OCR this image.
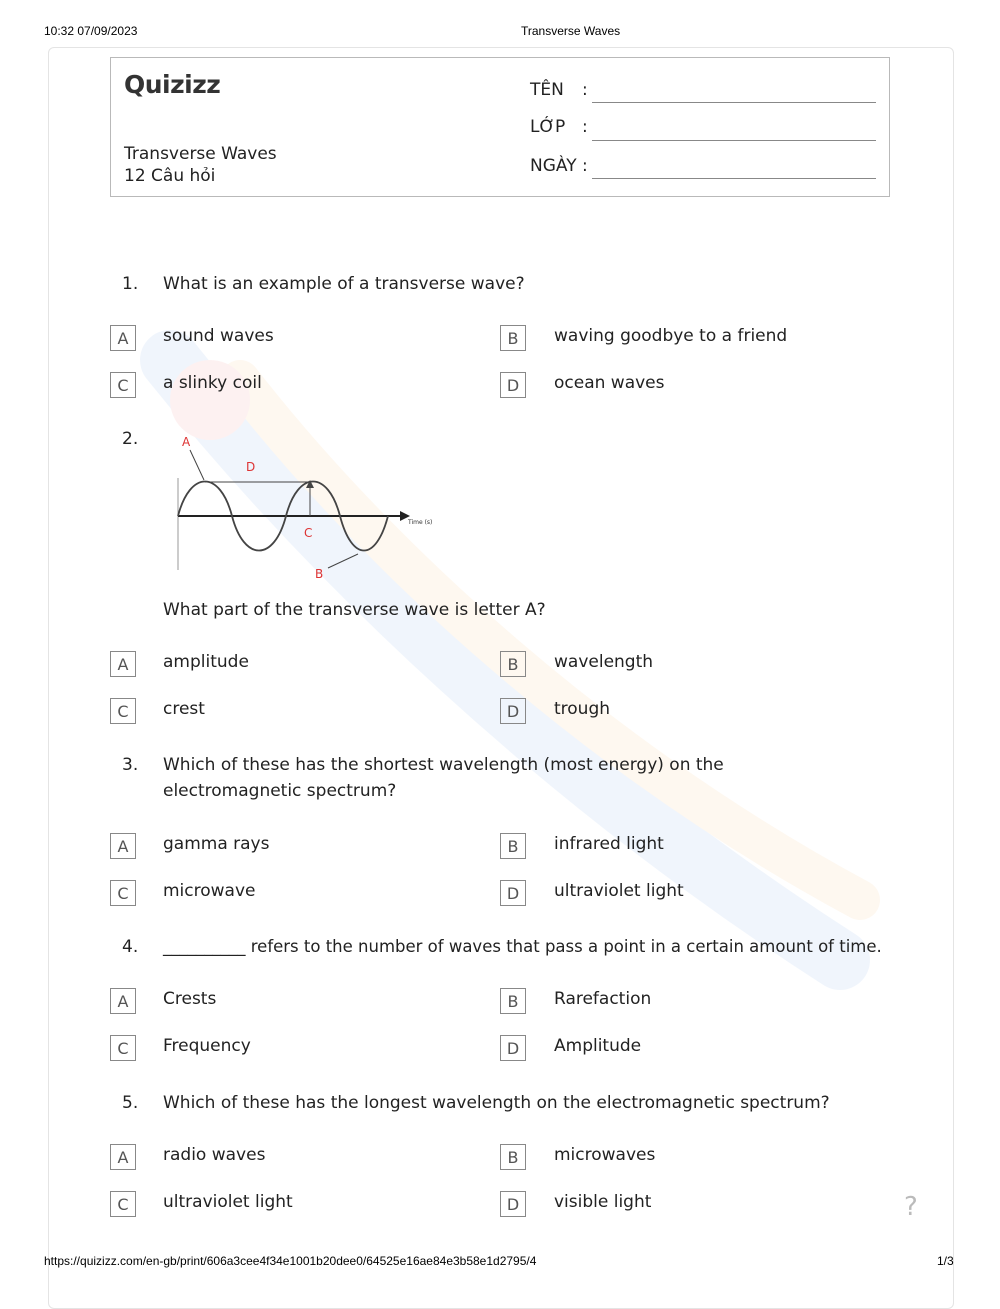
10:32 07/09/2023	Transverse Waves
Quizizz
Transverse Waves
12 Câu hỏi
TÊN :
LỚP :
NGÀY :
1. What is an example of a transverse wave?
A	sound waves	B	waving goodbye to a friend
C	a slinky coil	D	ocean waves
2.	A
D
C
B
Time (s)
What part of the transverse wave is letter A?
A	amplitude	B	wavelength
C	crest	D	trough
3. Which of these has the shortest wavelength (most energy) on the electromagnetic spectrum?
A	gamma rays	B	infrared light
C	microwave	D	ultraviolet light
4. __________ refers to the number of waves that pass a point in a certain amount of time.
A	Crests	B	Rarefaction
C	Frequency	D	Amplitude
5. Which of these has the longest wavelength on the electromagnetic spectrum?
A	radio waves	B	microwaves
C	ultraviolet light	D	visible light	?
https://quizizz.com/en-gb/print/606a3cee4f34e1001b20dee0/64525e16ae84e3b58e1d2795/4	1/3
